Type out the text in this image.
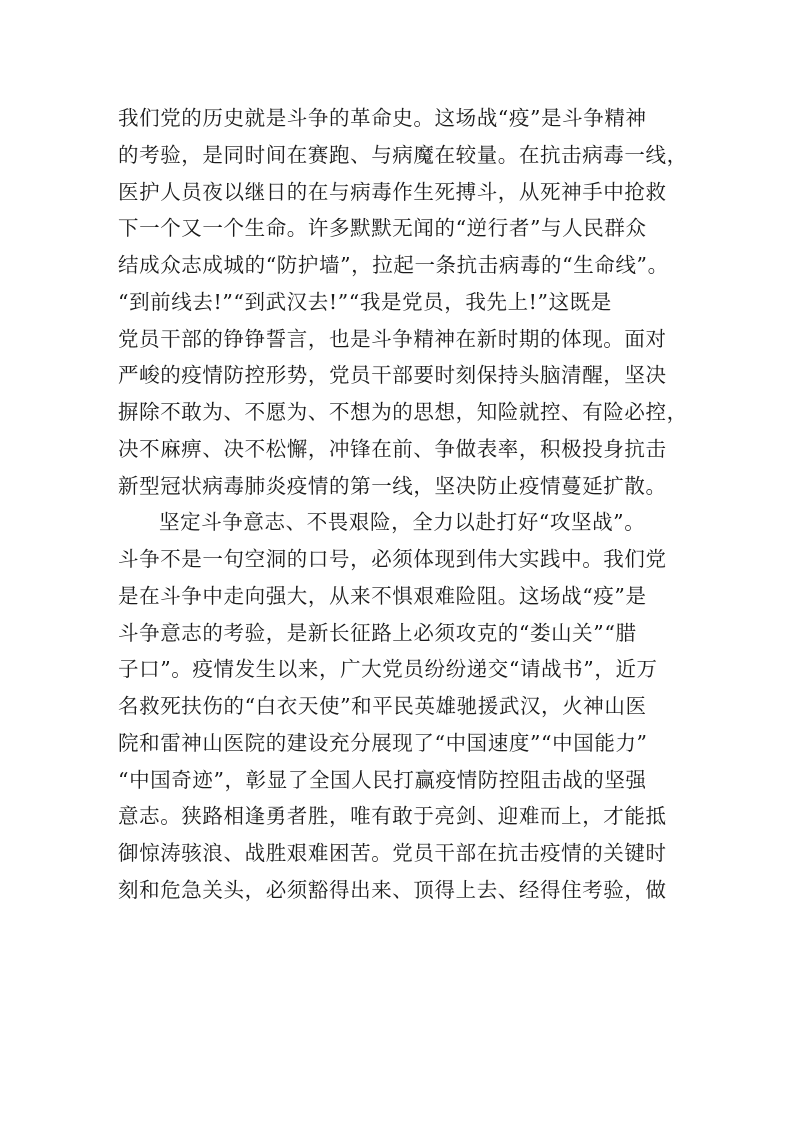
我们党的历史就是斗争的革命史。这场战“疫”是斗争精神
的考验，是同时间在赛跑、与病魔在较量。在抗击病毒一线，
医护人员夜以继日的在与病毒作生死搏斗，从死神手中抢救
下一个又一个生命。许多默默无闻的“逆行者”与人民群众
结成众志成城的“防护墙”，拉起一条抗击病毒的“生命线”。
“到前线去!”“到武汉去!”“我是党员，我先上!”这既是
党员干部的铮铮誓言，也是斗争精神在新时期的体现。面对
严峻的疫情防控形势，党员干部要时刻保持头脑清醒，坚决
摒除不敢为、不愿为、不想为的思想，知险就控、有险必控，
决不麻痹、决不松懈，冲锋在前、争做表率，积极投身抗击
新型冠状病毒肺炎疫情的第一线，坚决防止疫情蔓延扩散。
坚定斗争意志、不畏艰险，全力以赴打好“攻坚战”。
斗争不是一句空洞的口号，必须体现到伟大实践中。我们党
是在斗争中走向强大，从来不惧艰难险阻。这场战“疫”是
斗争意志的考验，是新长征路上必须攻克的“娄山关”“腊
子口”。疫情发生以来，广大党员纷纷递交“请战书”，近万
名救死扶伤的“白衣天使”和平民英雄驰援武汉，火神山医
院和雷神山医院的建设充分展现了“中国速度”“中国能力”
“中国奇迹”，彰显了全国人民打赢疫情防控阻击战的坚强
意志。狭路相逢勇者胜，唯有敢于亮剑、迎难而上，才能抵
御惊涛骇浪、战胜艰难困苦。党员干部在抗击疫情的关键时
刻和危急关头，必须豁得出来、顶得上去、经得住考验，做
